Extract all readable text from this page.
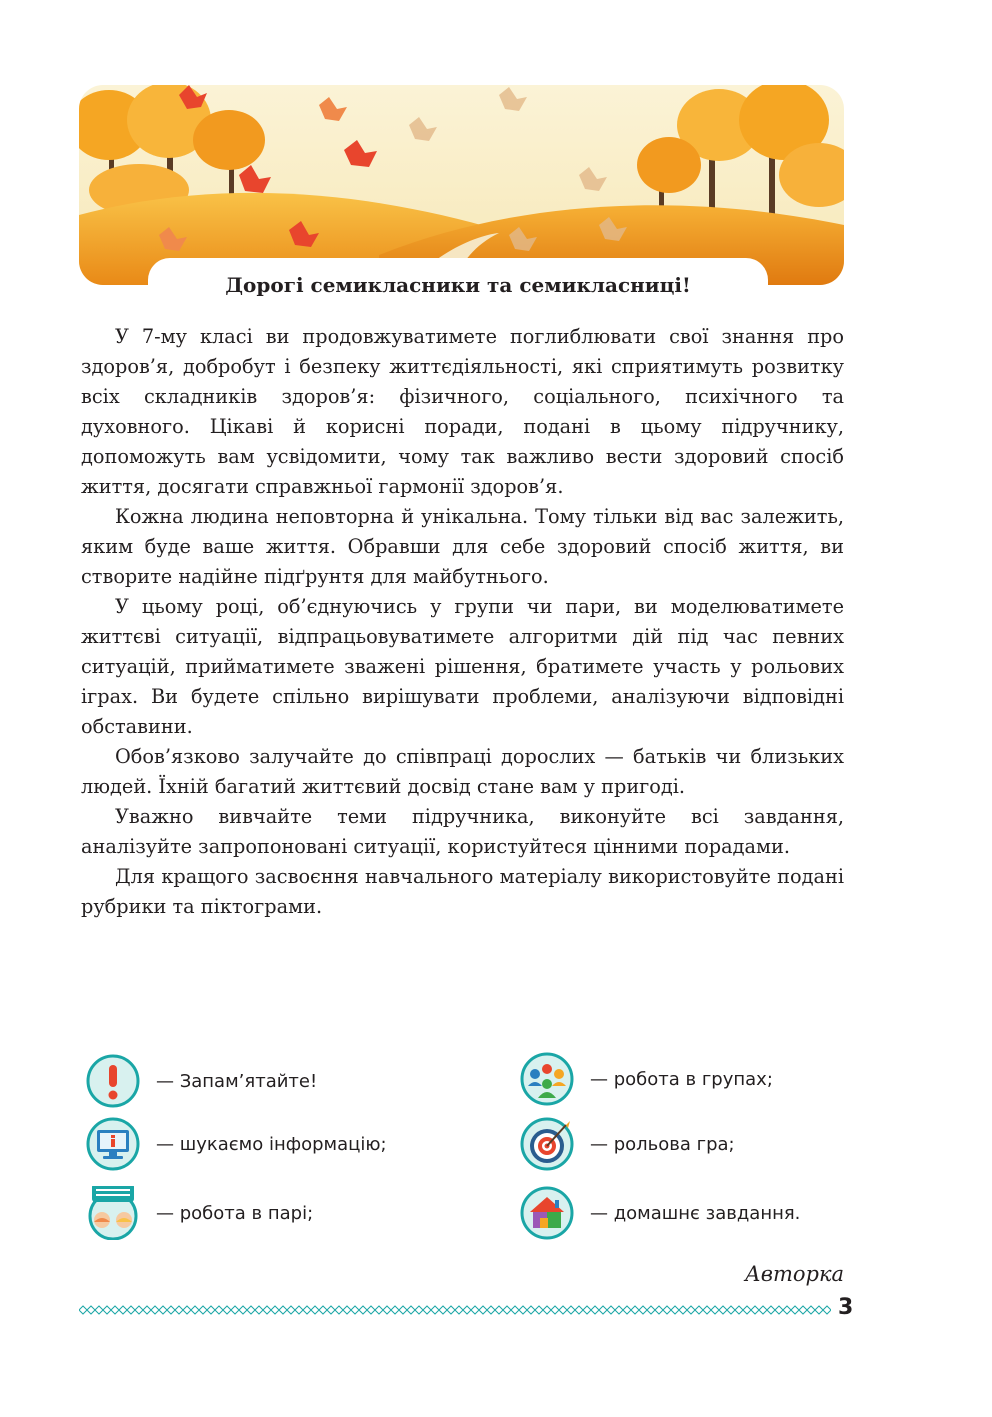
Дорогі семикласники та семикласниці!

У 7-му класі ви продовжуватимете поглиблювати свої знання про здоров’я, добробут і безпеку життєдіяльності, які сприятимуть розвитку всіх складників здоров’я: фізичного, соціального, психічного та духовного. Цікаві й корисні поради, подані в цьому підручнику, допоможуть вам усвідомити, чому так важливо вести здоровий спосіб життя, досягати справжньої гармонії здоров’я.

Кожна людина неповторна й унікальна. Тому тільки від вас залежить, яким буде ваше життя. Обравши для себе здоровий спосіб життя, ви створите надійне підґрунтя для майбутнього.

У цьому році, об’єднуючись у групи чи пари, ви моделюватимете життєві ситуації, відпрацьовуватимете алгоритми дій під час певних ситуацій, прийматимете зважені рішення, братимете участь у рольових іграх. Ви будете спільно вирішувати проблеми, аналізуючи відповідні обставини.

Обов’язково залучайте до співпраці дорослих — батьків чи близьких людей. Їхній багатий життєвий досвід стане вам у пригоді.

Уважно вивчайте теми підручника, виконуйте всі завдання, аналізуйте запропоновані ситуації, користуйтеся цінними порадами.

Для кращого засвоєння навчального матеріалу використовуйте подані рубрики та піктограми.

— Запам’ятайте!
— шукаємо інформацію;
— робота в парі;
— робота в групах;
— рольова гра;
— домашнє завдання.
Авторка
3
